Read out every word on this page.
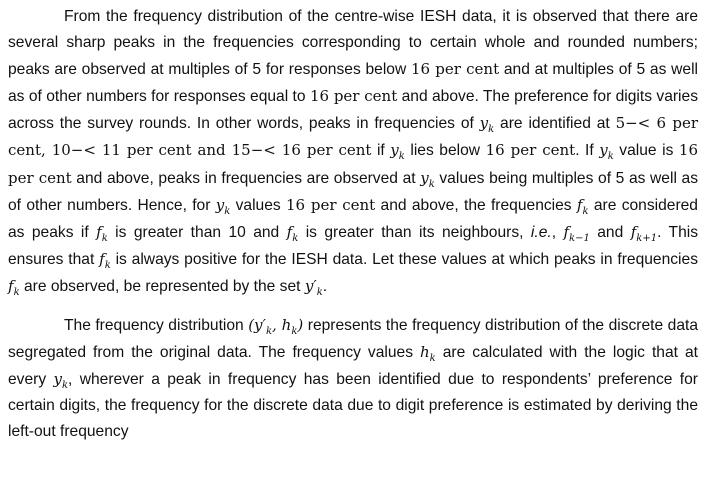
From the frequency distribution of the centre-wise IESH data, it is observed that there are several sharp peaks in the frequencies corresponding to certain whole and rounded numbers; peaks are observed at multiples of 5 for responses below 16 per cent and at multiples of 5 as well as of other numbers for responses equal to 16 per cent and above. The preference for digits varies across the survey rounds. In other words, peaks in frequencies of $y_k$ are identified at 5−< 6 per cent, 10−< 11 per cent and 15−< 16 per cent if $y_k$ lies below 16 per cent. If $y_k$ value is 16 per cent and above, peaks in frequencies are observed at $y_k$ values being multiples of 5 as well as of other numbers. Hence, for $y_k$ values 16 per cent and above, the frequencies $f_k$ are considered as peaks if $f_k$ is greater than 10 and $f_k$ is greater than its neighbours, i.e., $f_{k-1}$ and $f_{k+1}$. This ensures that $f_k$ is always positive for the IESH data. Let these values at which peaks in frequencies $f_k$ are observed, be represented by the set $y'_k$.

The frequency distribution ($y'_k$, $h_k$) represents the frequency distribution of the discrete data segregated from the original data. The frequency values $h_k$ are calculated with the logic that at every $y_k$, wherever a peak in frequency has been identified due to respondents’ preference for certain digits, the frequency for the discrete data due to digit preference is estimated by deriving the left-out frequency
